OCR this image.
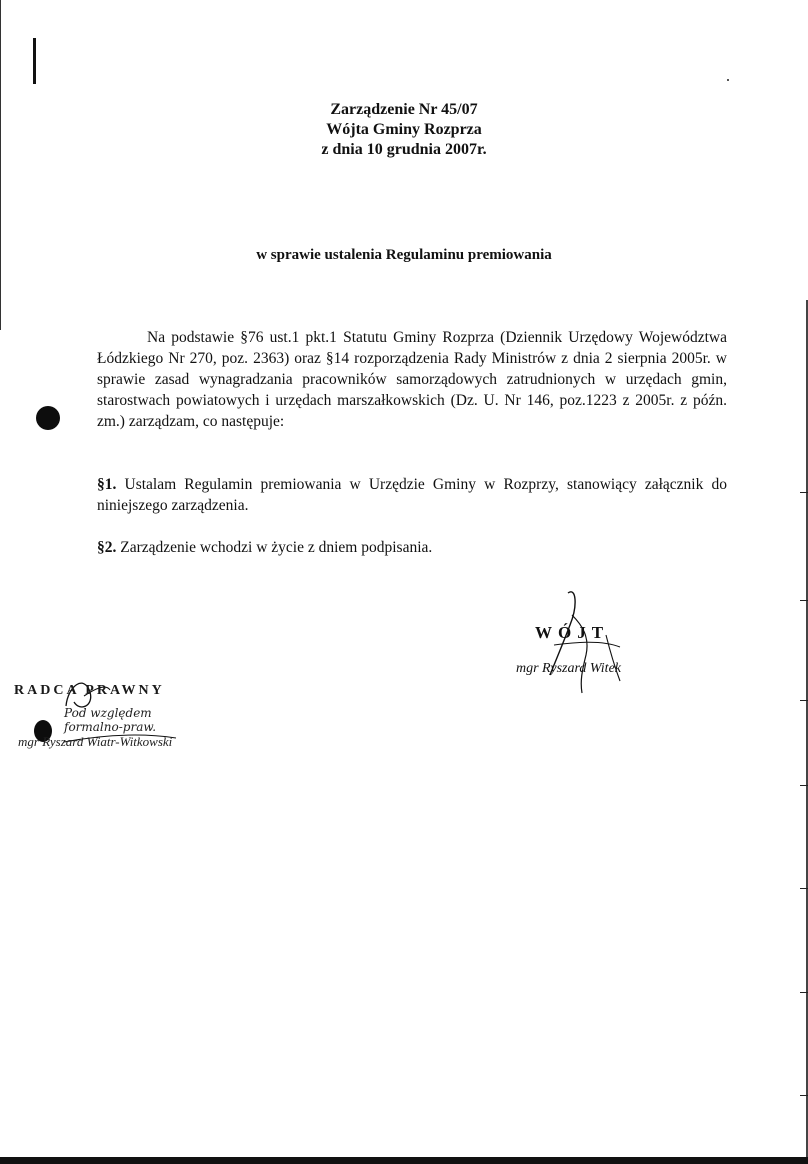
Zarządzenie Nr 45/07
Wójta Gminy Rozprza
z dnia 10 grudnia 2007r.
w sprawie ustalenia Regulaminu premiowania
Na podstawie §76 ust.1 pkt.1 Statutu Gminy Rozprza (Dziennik Urzędowy Województwa Łódzkiego Nr 270, poz. 2363) oraz §14 rozporządzenia Rady Ministrów z dnia 2 sierpnia 2005r. w sprawie zasad wynagradzania pracowników samorządowych zatrudnionych w urzędach gmin, starostwach powiatowych i urzędach marszałkowskich (Dz. U. Nr 146, poz.1223 z 2005r. z późn. zm.) zarządzam, co następuje:
§1. Ustalam Regulamin premiowania w Urzędzie Gminy w Rozprzy, stanowiący załącznik do niniejszego zarządzenia.
§2. Zarządzenie wchodzi w życie z dniem podpisania.
WÓJT
mgr Ryszard Witek
RADCA PRAWNY
Pod względem
formalno-praw.
mgr Ryszard Wiatr-Witkowski
